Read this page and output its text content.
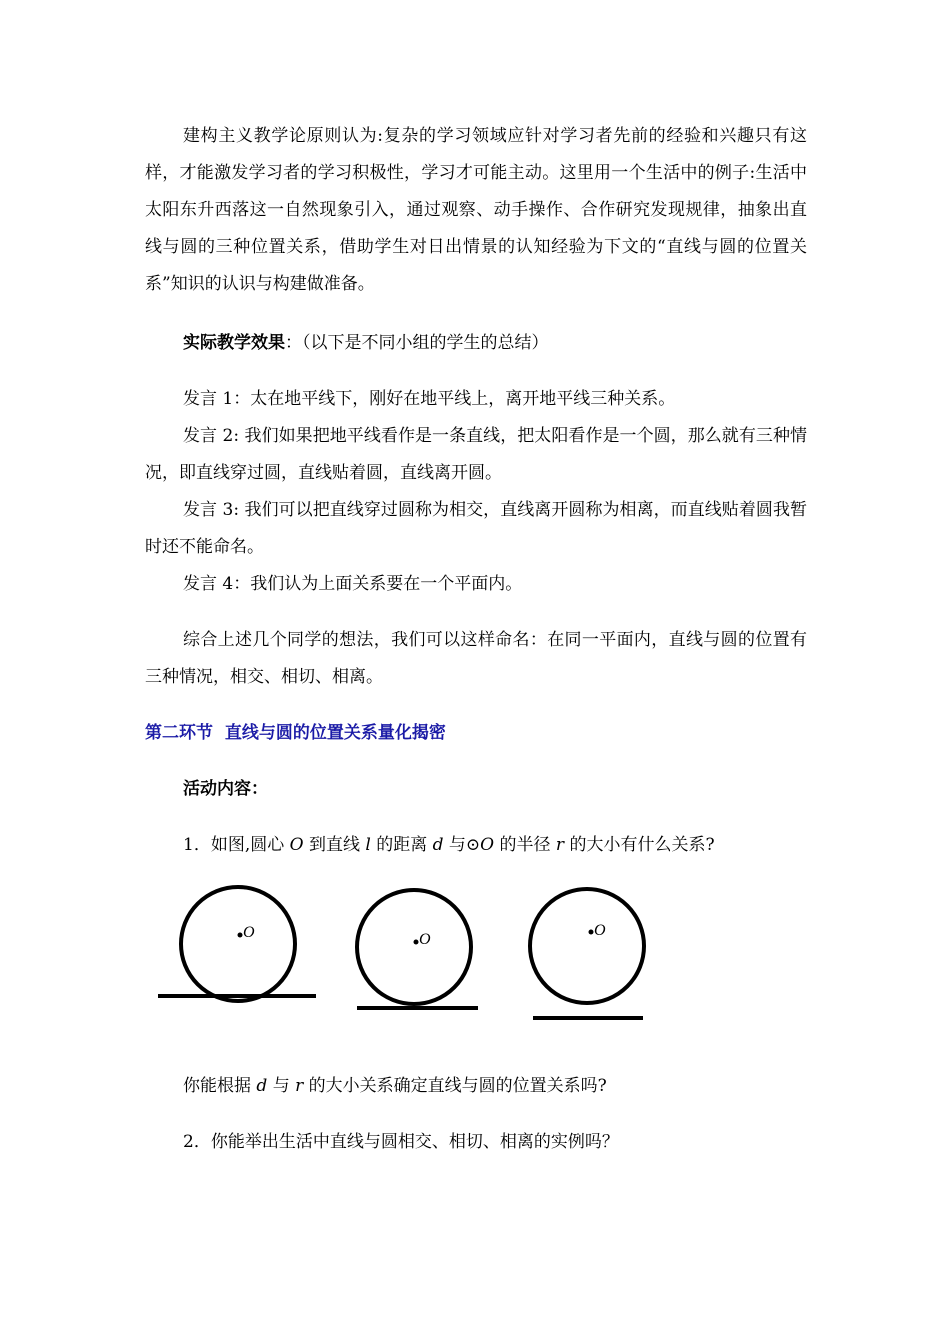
建构主义教学论原则认为:复杂的学习领域应针对学习者先前的经验和兴趣只有这样，才能激发学习者的学习积极性，学习才可能主动。这里用一个生活中的例子:生活中太阳东升西落这一自然现象引入，通过观察、动手操作、合作研究发现规律，抽象出直线与圆的三种位置关系，借助学生对日出情景的认知经验为下文的“直线与圆的位置关系”知识的认识与构建做准备。
实际教学效果：（以下是不同小组的学生的总结）
发言 1：太在地平线下，刚好在地平线上，离开地平线三种关系。
发言 2: 我们如果把地平线看作是一条直线，把太阳看作是一个圆，那么就有三种情况，即直线穿过圆，直线贴着圆，直线离开圆。
发言 3: 我们可以把直线穿过圆称为相交，直线离开圆称为相离，而直线贴着圆我暂时还不能命名。
发言 4：我们认为上面关系要在一个平面内。
综合上述几个同学的想法，我们可以这样命名：在同一平面内，直线与圆的位置有三种情况，相交、相切、相离。
第二环节  直线与圆的位置关系量化揭密
活动内容：
1．如图,圆心 O 到直线 l 的距离 d 与⊙O 的半径 r 的大小有什么关系?
O	O
O
你能根据 d 与 r 的大小关系确定直线与圆的位置关系吗?
2．你能举出生活中直线与圆相交、相切、相离的实例吗？
